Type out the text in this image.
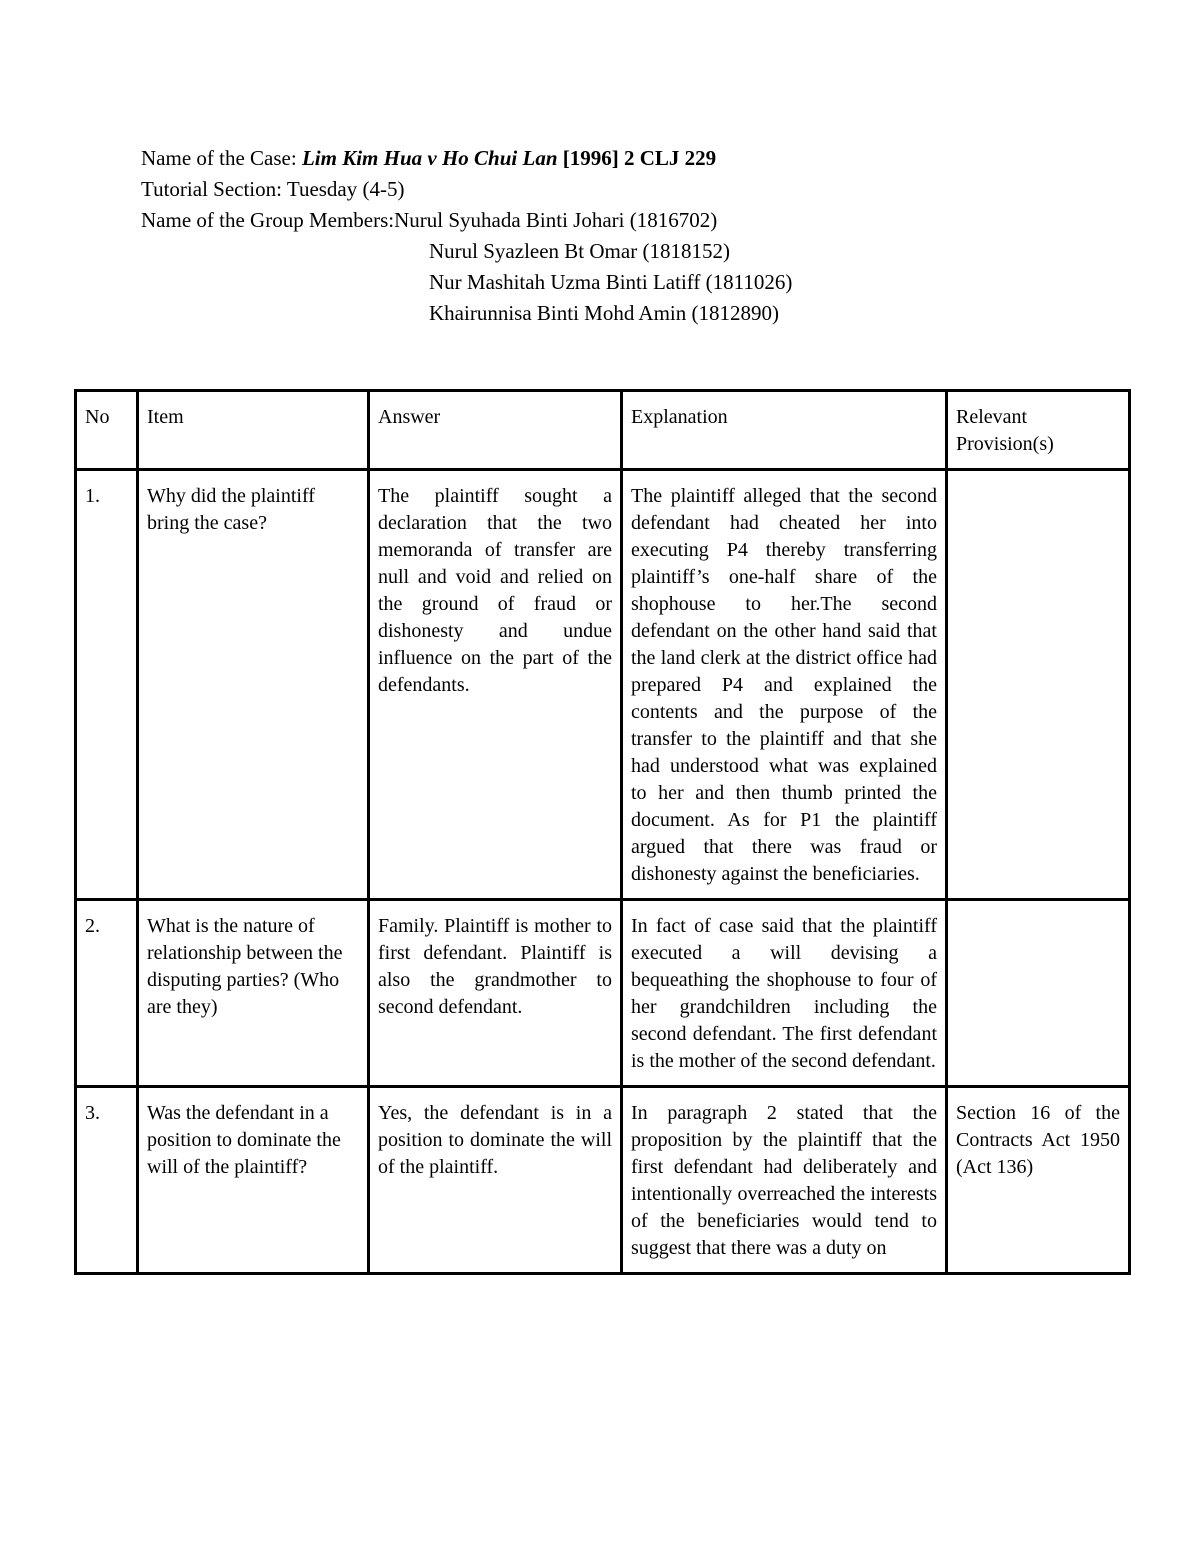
Name of the Case: Lim Kim Hua v Ho Chui Lan [1996] 2 CLJ 229
Tutorial Section: Tuesday (4-5)
Name of the Group Members:Nurul Syuhada Binti Johari (1816702)
Nurul Syazleen Bt Omar (1818152)
Nur Mashitah Uzma Binti Latiff (1811026)
Khairunnisa Binti Mohd Amin (1812890)
No	Item	Answer	Explanation	Relevant Provision(s)
1.	Why did the plaintiff bring the case?	The plaintiff sought a declaration that the two memoranda of transfer are null and void and relied on the ground of fraud or dishonesty and undue influence on the part of the defendants.	The plaintiff alleged that the second defendant had cheated her into executing P4 thereby transferring plaintiff’s one-half share of the shophouse to her.The second defendant on the other hand said that the land clerk at the district office had prepared P4 and explained the contents and the purpose of the transfer to the plaintiff and that she had understood what was explained to her and then thumb printed the document. As for P1 the plaintiff argued that there was fraud or dishonesty against the beneficiaries.	
2.	What is the nature of relationship between the disputing parties? (Who are they)	Family. Plaintiff is mother to first defendant. Plaintiff is also the grandmother to second defendant.	In fact of case said that the plaintiff executed a will devising a bequeathing the shophouse to four of her grandchildren including the second defendant. The first defendant is the mother of the second defendant.	
3.	Was the defendant in a position to dominate the will of the plaintiff?	Yes, the defendant is in a position to dominate the will of the plaintiff.	In paragraph 2 stated that the proposition by the plaintiff that the first defendant had deliberately and intentionally overreached the interests of the beneficiaries would tend to suggest that there was a duty on	Section 16 of the Contracts Act 1950 (Act 136)
